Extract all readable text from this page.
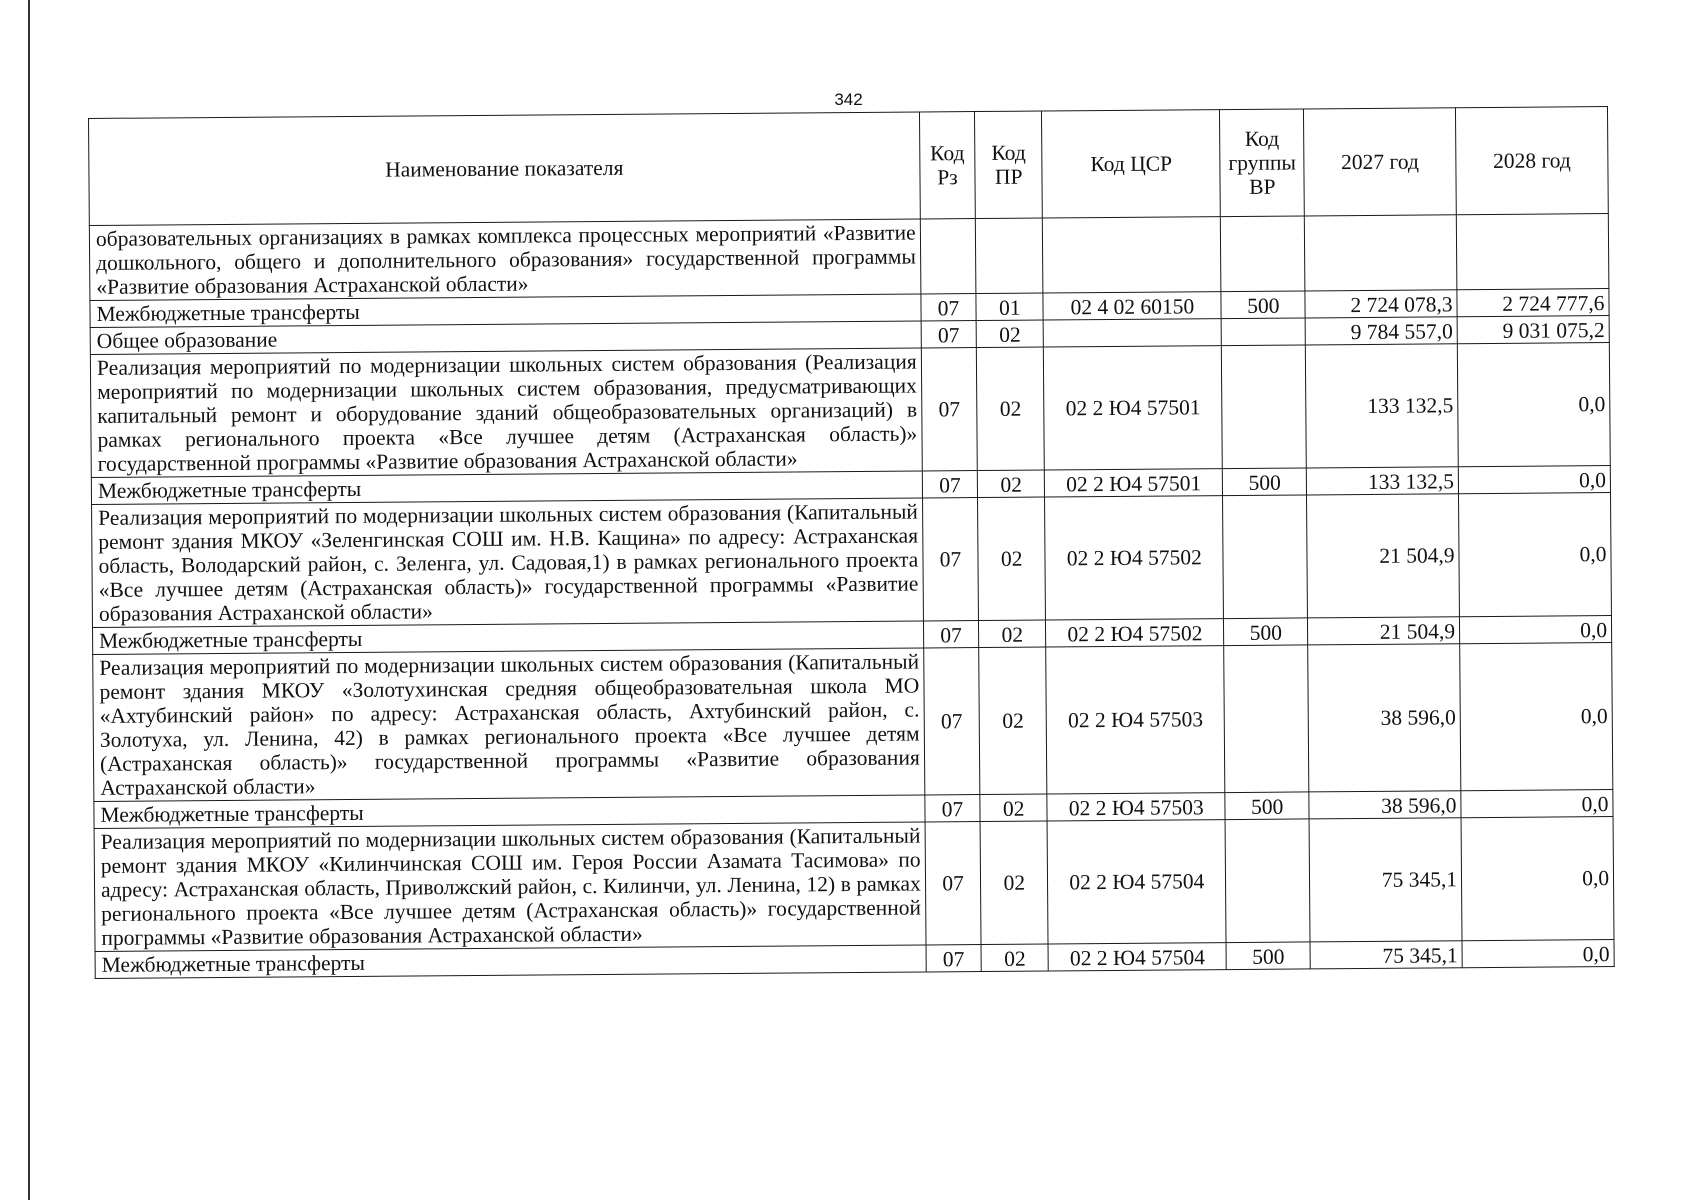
342
Наименование показателя	Код Рз	Код ПР	Код ЦСР	Код группы ВР	2027 год	2028 год
образовательных организациях в рамках комплекса процессных мероприятий «Развитие дошкольного, общего и дополнительного образования» государственной программы «Развитие образования Астраханской области»						
Межбюджетные трансферты	07	01	02 4 02 60150	500	2 724 078,3	2 724 777,6
Общее образование	07	02			9 784 557,0	9 031 075,2
Реализация мероприятий по модернизации школьных систем образования (Реализация мероприятий по модернизации школьных систем образования, предусматривающих капитальный ремонт и оборудование зданий общеобразовательных организаций) в рамках регионального проекта «Все лучшее детям (Астраханская область)» государственной программы «Развитие образования Астраханской области»	07	02	02 2 Ю4 57501		133 132,5	0,0
Межбюджетные трансферты	07	02	02 2 Ю4 57501	500	133 132,5	0,0
Реализация мероприятий по модернизации школьных систем образования (Капитальный ремонт здания МКОУ «Зеленгинская СОШ им. Н.В. Кащина» по адресу: Астраханская область, Володарский район, с. Зеленга, ул. Садовая,1) в рамках регионального проекта «Все лучшее детям (Астраханская область)» государственной программы «Развитие образования Астраханской области»	07	02	02 2 Ю4 57502		21 504,9	0,0
Межбюджетные трансферты	07	02	02 2 Ю4 57502	500	21 504,9	0,0
Реализация мероприятий по модернизации школьных систем образования (Капитальный ремонт здания МКОУ «Золотухинская средняя общеобразовательная школа МО «Ахтубинский район» по адресу: Астраханская область, Ахтубинский район, с. Золотуха, ул. Ленина, 42) в рамках регионального проекта «Все лучшее детям (Астраханская область)» государственной программы «Развитие образования Астраханской области»	07	02	02 2 Ю4 57503		38 596,0	0,0
Межбюджетные трансферты	07	02	02 2 Ю4 57503	500	38 596,0	0,0
Реализация мероприятий по модернизации школьных систем образования (Капитальный ремонт здания МКОУ «Килинчинская СОШ им. Героя России Азамата Тасимова» по адресу: Астраханская область, Приволжский район, с. Килинчи, ул. Ленина, 12) в рамках регионального проекта «Все лучшее детям (Астраханская область)» государственной программы «Развитие образования Астраханской области»	07	02	02 2 Ю4 57504		75 345,1	0,0
Межбюджетные трансферты	07	02	02 2 Ю4 57504	500	75 345,1	0,0
